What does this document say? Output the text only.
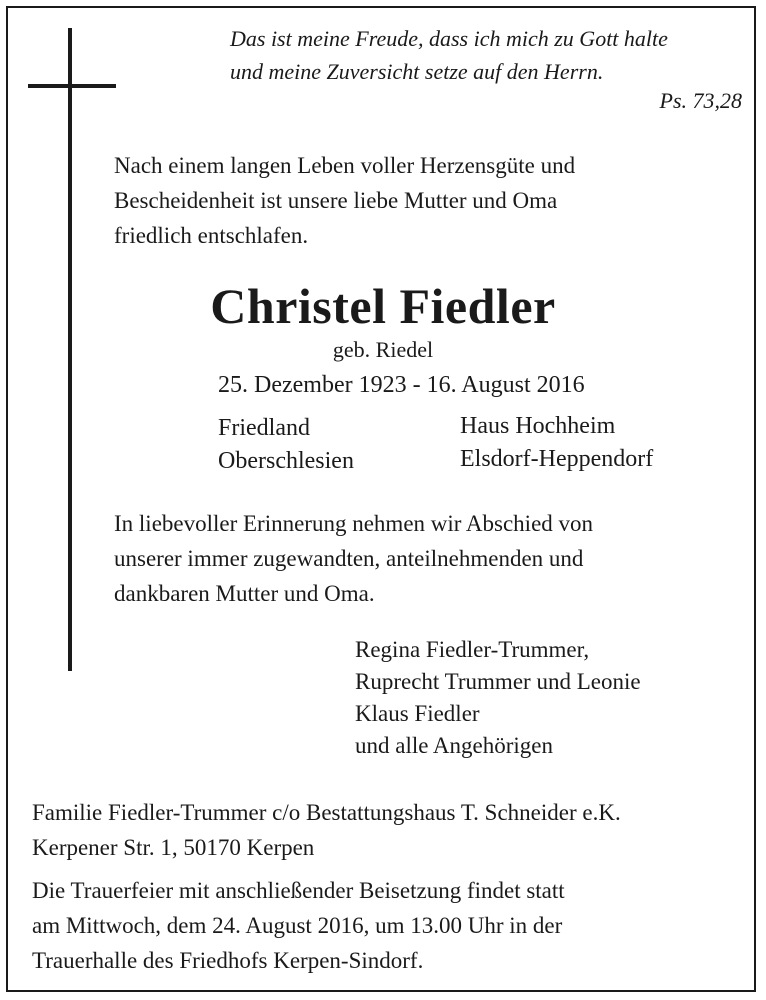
Das ist meine Freude, dass ich mich zu Gott halte
und meine Zuversicht setze auf den Herrn.
Ps. 73,28
Nach einem langen Leben voller Herzensgüte und
Bescheidenheit ist unsere liebe Mutter und Oma
friedlich entschlafen.
Christel Fiedler
geb. Riedel
25. Dezember 1923 - 16. August 2016
Friedland
Oberschlesien
Haus Hochheim
Elsdorf-Heppendorf
In liebevoller Erinnerung nehmen wir Abschied von
unserer immer zugewandten, anteilnehmenden und
dankbaren Mutter und Oma.
Regina Fiedler-Trummer,
Ruprecht Trummer und Leonie
Klaus Fiedler
und alle Angehörigen
Familie Fiedler-Trummer c/o Bestattungshaus T. Schneider e.K.
Kerpener Str. 1, 50170 Kerpen
Die Trauerfeier mit anschließender Beisetzung findet statt
am Mittwoch, dem 24. August 2016, um 13.00 Uhr in der
Trauerhalle des Friedhofs Kerpen-Sindorf.
